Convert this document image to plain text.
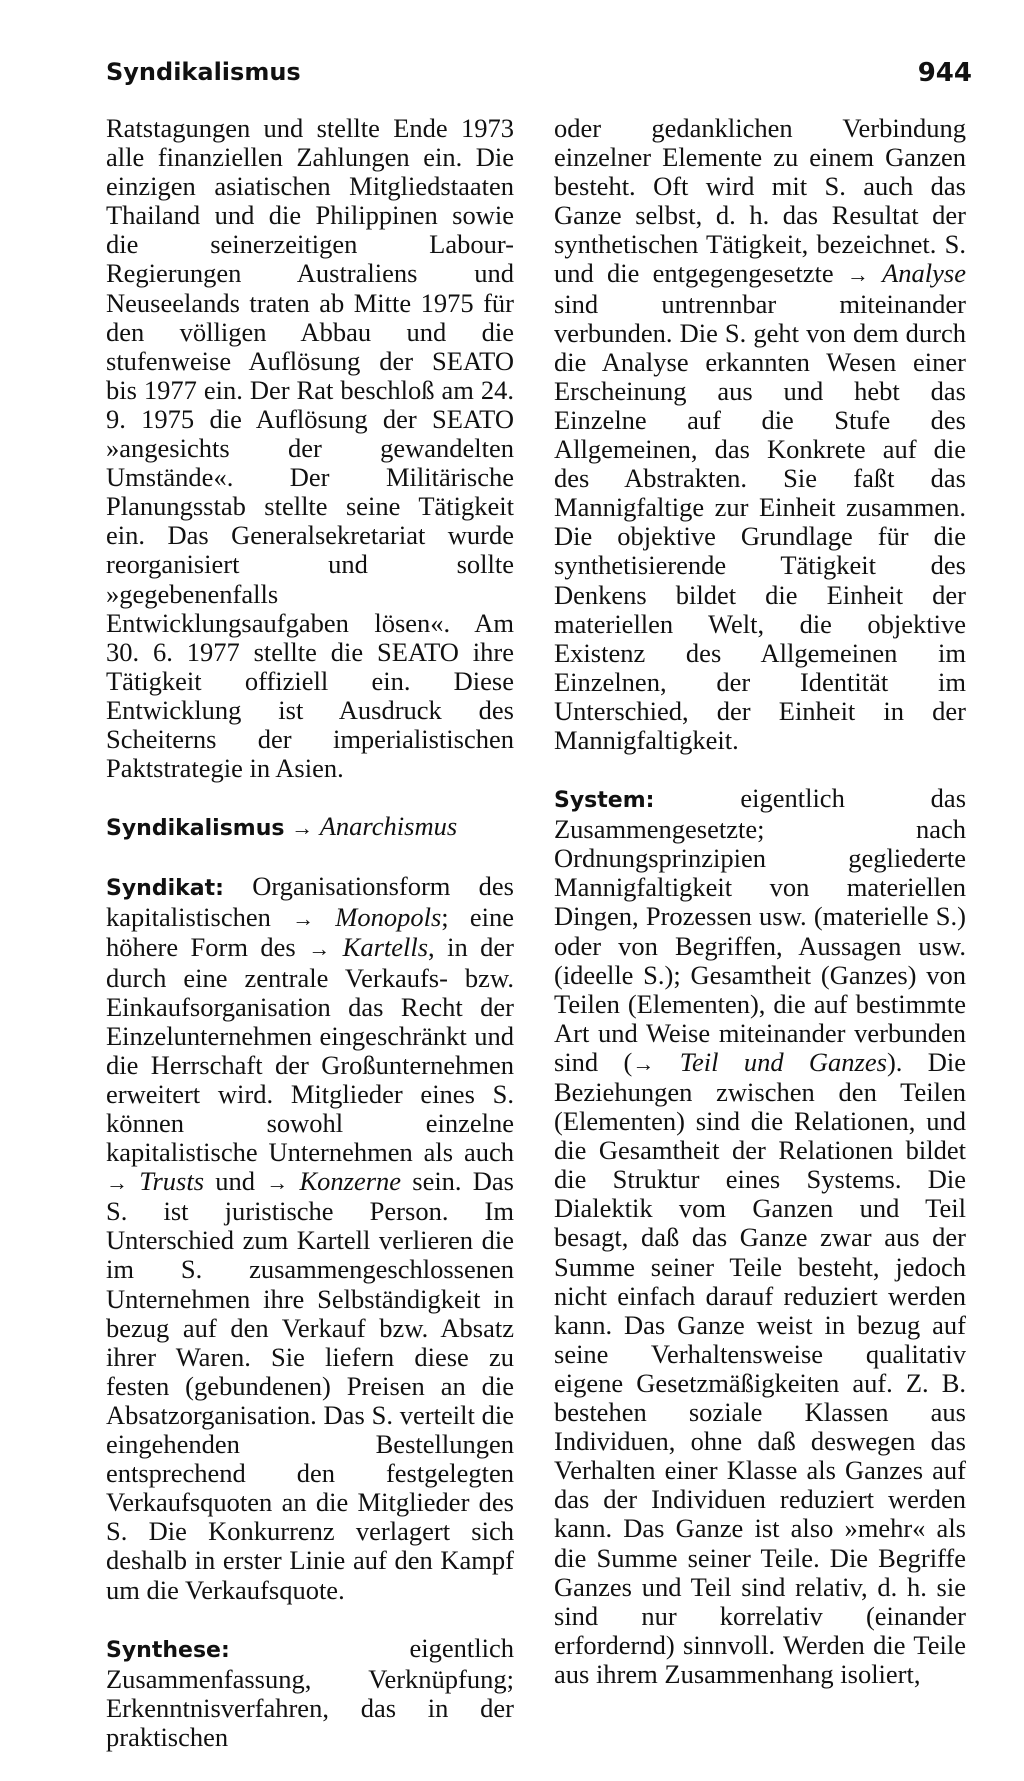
Syndikalismus	944

Ratstagungen und stellte Ende 1973 alle finanziellen Zahlungen ein. Die einzigen asiatischen Mitgliedstaaten Thailand und die Philippinen sowie die seinerzeitigen Labour-Regierungen Australiens und Neuseelands traten ab Mitte 1975 für den völligen Abbau und die stufenweise Auflösung der SEATO bis 1977 ein. Der Rat beschloß am 24. 9. 1975 die Auflösung der SEATO »angesichts der gewandelten Umstände«. Der Militärische Planungsstab stellte seine Tätigkeit ein. Das Generalsekretariat wurde reorganisiert und sollte »gegebenenfalls Entwicklungsaufgaben lösen«. Am 30. 6. 1977 stellte die SEATO ihre Tätigkeit offiziell ein. Diese Entwicklung ist Ausdruck des Scheiterns der imperialistischen Paktstrategie in Asien.

Syndikalismus → Anarchismus

Syndikat: Organisationsform des kapitalistischen → Monopols; eine höhere Form des → Kartells, in der durch eine zentrale Verkaufs- bzw. Einkaufsorganisation das Recht der Einzelunternehmen eingeschränkt und die Herrschaft der Großunternehmen erweitert wird. Mitglieder eines S. können sowohl einzelne kapitalistische Unternehmen als auch → Trusts und → Konzerne sein. Das S. ist juristische Person. Im Unterschied zum Kartell verlieren die im S. zusammengeschlossenen Unternehmen ihre Selbständigkeit in bezug auf den Verkauf bzw. Absatz ihrer Waren. Sie liefern diese zu festen (gebundenen) Preisen an die Absatzorganisation. Das S. verteilt die eingehenden Bestellungen entsprechend den festgelegten Verkaufsquoten an die Mitglieder des S. Die Konkurrenz verlagert sich deshalb in erster Linie auf den Kampf um die Verkaufsquote.

Synthese:	eigentlich Zusammenfassung, Verknüpfung; Erkenntnisverfahren, das in der praktischen

oder gedanklichen Verbindung einzelner Elemente zu einem Ganzen besteht. Oft wird mit S. auch das Ganze selbst, d. h. das Resultat der synthetischen Tätigkeit, bezeichnet. S. und die entgegengesetzte → Analyse sind untrennbar miteinander verbunden. Die S. geht von dem durch die Analyse erkannten Wesen einer Erscheinung aus und hebt das Einzelne auf die Stufe des Allgemeinen, das Konkrete auf die des Abstrakten. Sie faßt das Mannigfaltige zur Einheit zusammen. Die objektive Grundlage für die synthetisierende Tätigkeit des Denkens bildet die Einheit der materiellen Welt, die objektive Existenz des Allgemeinen im Einzelnen, der Identität im Unterschied, der Einheit in der Mannigfaltigkeit.

System:	eigentlich das Zusammengesetzte; nach Ordnungsprinzipien gegliederte Mannigfaltigkeit von materiellen Dingen, Prozessen usw. (materielle S.) oder von Begriffen, Aussagen usw. (ideelle S.); Gesamtheit (Ganzes) von Teilen (Elementen), die auf bestimmte Art und Weise miteinander verbunden sind (→ Teil und Ganzes). Die Beziehungen zwischen den Teilen (Elementen) sind die Relationen, und die Gesamtheit der Relationen bildet die Struktur eines Systems. Die Dialektik vom Ganzen und Teil besagt, daß das Ganze zwar aus der Summe seiner Teile besteht, jedoch nicht einfach darauf reduziert werden kann. Das Ganze weist in bezug auf seine Verhaltensweise qualitativ eigene Gesetzmäßigkeiten auf. Z. B. bestehen soziale Klassen aus Individuen, ohne daß deswegen das Verhalten einer Klasse als Ganzes auf das der Individuen reduziert werden kann. Das Ganze ist also »mehr« als die Summe seiner Teile. Die Begriffe Ganzes und Teil sind relativ, d. h. sie sind nur korrelativ (einander erfordernd) sinnvoll. Werden die Teile aus ihrem Zusammenhang isoliert,
